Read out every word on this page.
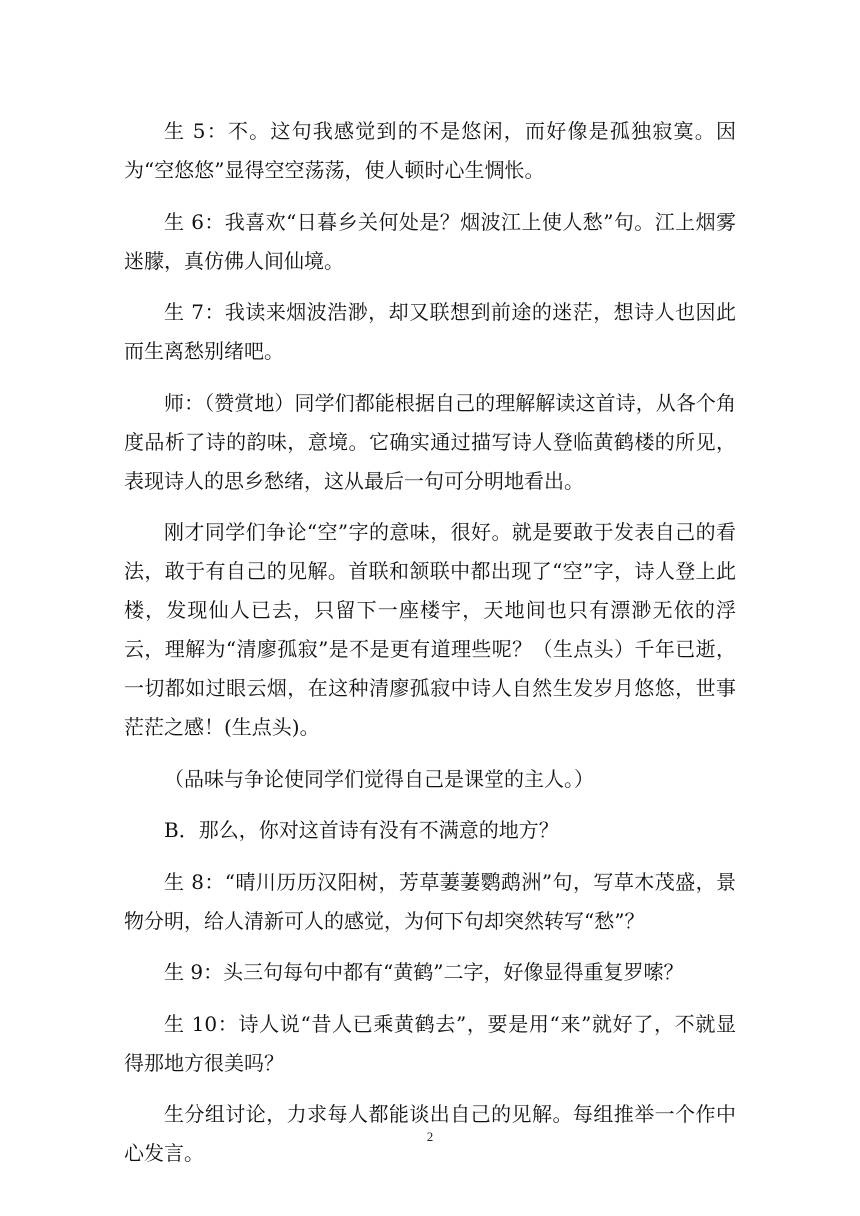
生 5：不。这句我感觉到的不是悠闲，而好像是孤独寂寞。因为“空悠悠”显得空空荡荡，使人顿时心生惆怅。

生 6：我喜欢“日暮乡关何处是？烟波江上使人愁”句。江上烟雾迷朦，真仿佛人间仙境。

生 7：我读来烟波浩渺，却又联想到前途的迷茫，想诗人也因此而生离愁别绪吧。

师：（赞赏地）同学们都能根据自己的理解解读这首诗，从各个角度品析了诗的韵味，意境。它确实通过描写诗人登临黄鹤楼的所见，表现诗人的思乡愁绪，这从最后一句可分明地看出。

刚才同学们争论“空”字的意味，很好。就是要敢于发表自己的看法，敢于有自己的见解。首联和颔联中都出现了“空”字，诗人登上此楼，发现仙人已去，只留下一座楼宇，天地间也只有漂渺无依的浮云，理解为“清廖孤寂”是不是更有道理些呢？（生点头）千年已逝，一切都如过眼云烟，在这种清廖孤寂中诗人自然生发岁月悠悠，世事茫茫之感！(生点头)。

（品味与争论使同学们觉得自己是课堂的主人。）

B．那么，你对这首诗有没有不满意的地方？

生 8：“晴川历历汉阳树，芳草萋萋鹦鹉洲”句，写草木茂盛，景物分明，给人清新可人的感觉，为何下句却突然转写“愁”？

生 9：头三句每句中都有“黄鹤”二字，好像显得重复罗嗦？

生 10：诗人说“昔人已乘黄鹤去”，要是用“来”就好了，不就显得那地方很美吗？

生分组讨论，力求每人都能谈出自己的见解。每组推举一个作中心发言。

2
